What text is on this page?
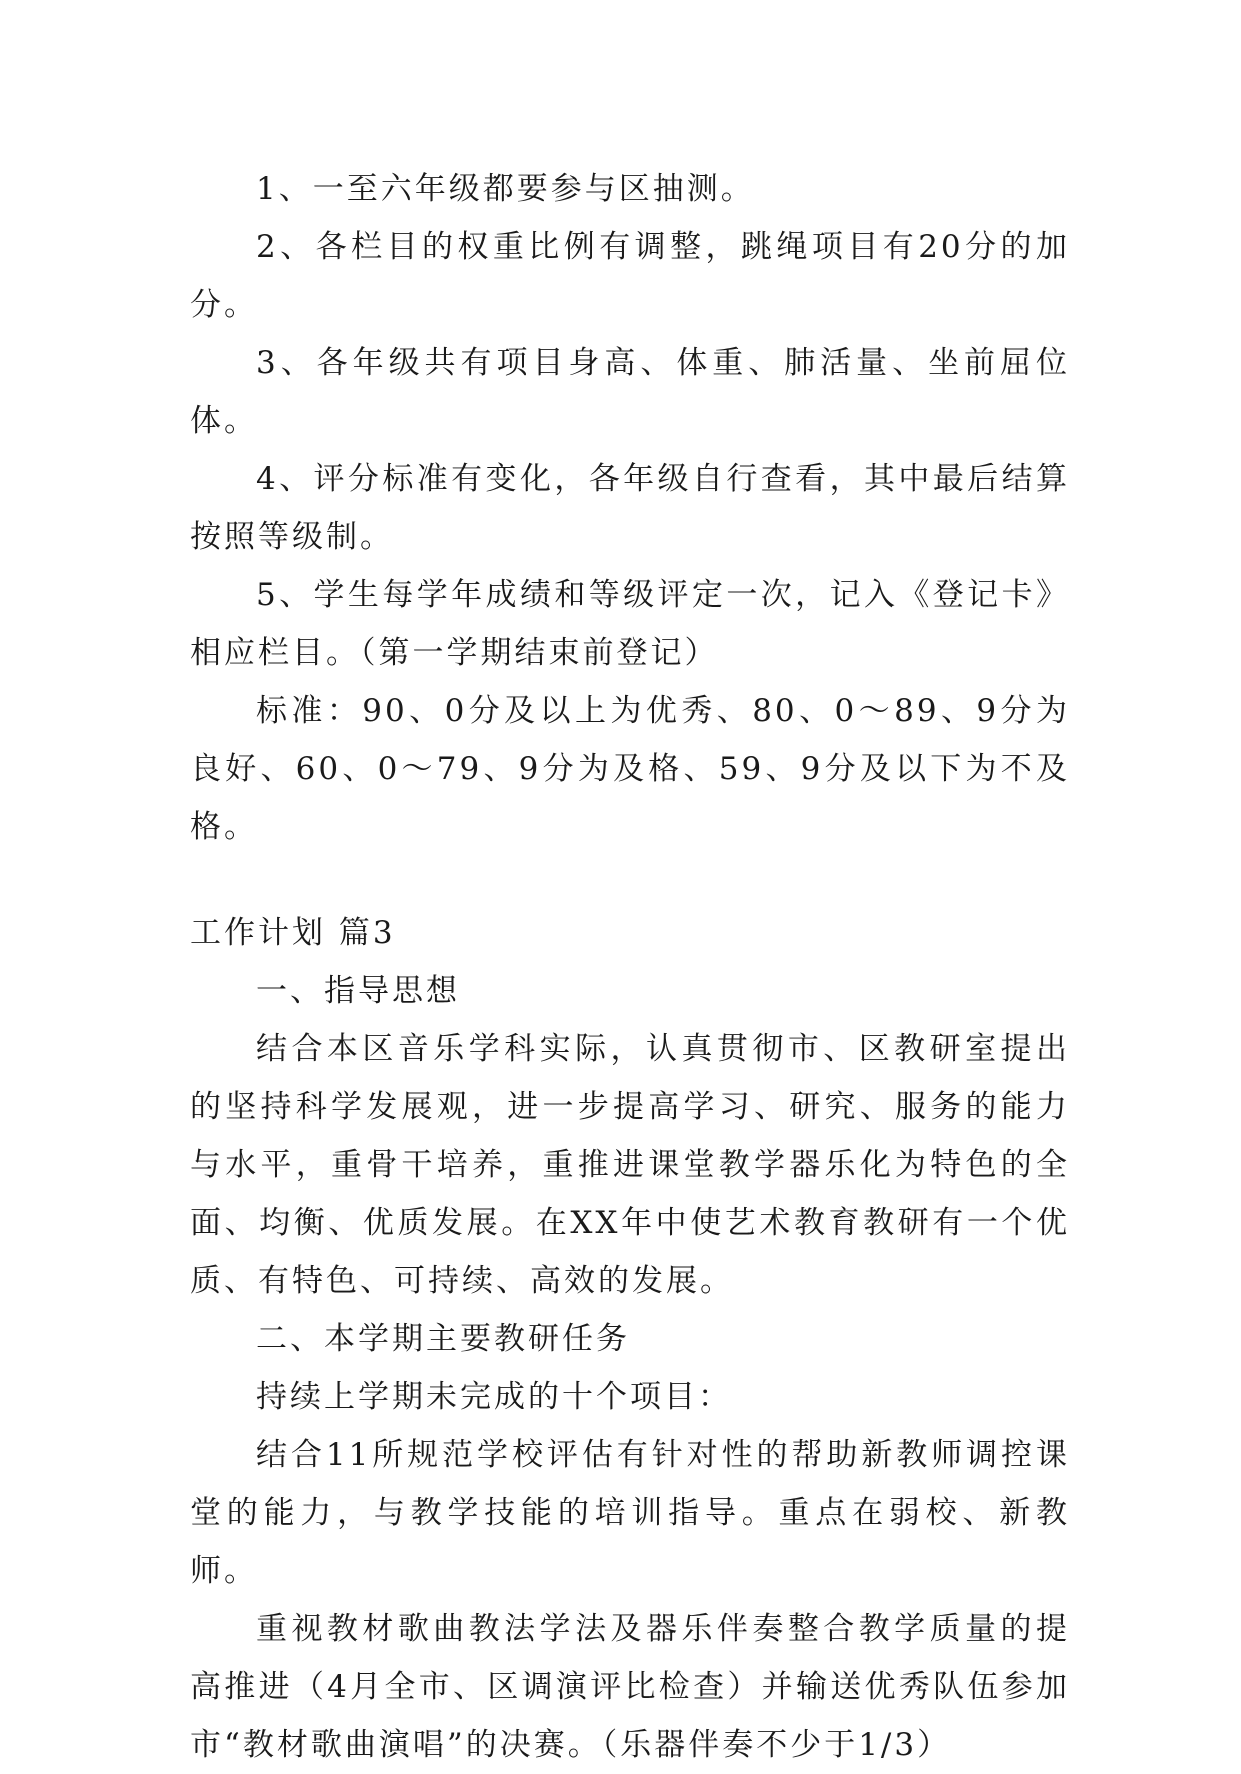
1、一至六年级都要参与区抽测。

2、各栏目的权重比例有调整，跳绳项目有20分的加分。

3、各年级共有项目身高、体重、肺活量、坐前屈位体。

4、评分标准有变化，各年级自行查看，其中最后结算按照等级制。

5、学生每学年成绩和等级评定一次，记入《登记卡》相应栏目。（第一学期结束前登记）

标准：90、0分及以上为优秀、80、0～89、9分为良好、60、0～79、9分为及格、59、9分及以下为不及格。

工作计划 篇3

一、指导思想

结合本区音乐学科实际，认真贯彻市、区教研室提出的坚持科学发展观，进一步提高学习、研究、服务的能力与水平，重骨干培养，重推进课堂教学器乐化为特色的全面、均衡、优质发展。在XX年中使艺术教育教研有一个优质、有特色、可持续、高效的发展。

二、本学期主要教研任务

持续上学期未完成的十个项目：

结合11所规范学校评估有针对性的帮助新教师调控课堂的能力，与教学技能的培训指导。重点在弱校、新教师。

重视教材歌曲教法学法及器乐伴奏整合教学质量的提高推进（4月全市、区调演评比检查）并输送优秀队伍参加市“教材歌曲演唱”的决赛。（乐器伴奏不少于1/3）
